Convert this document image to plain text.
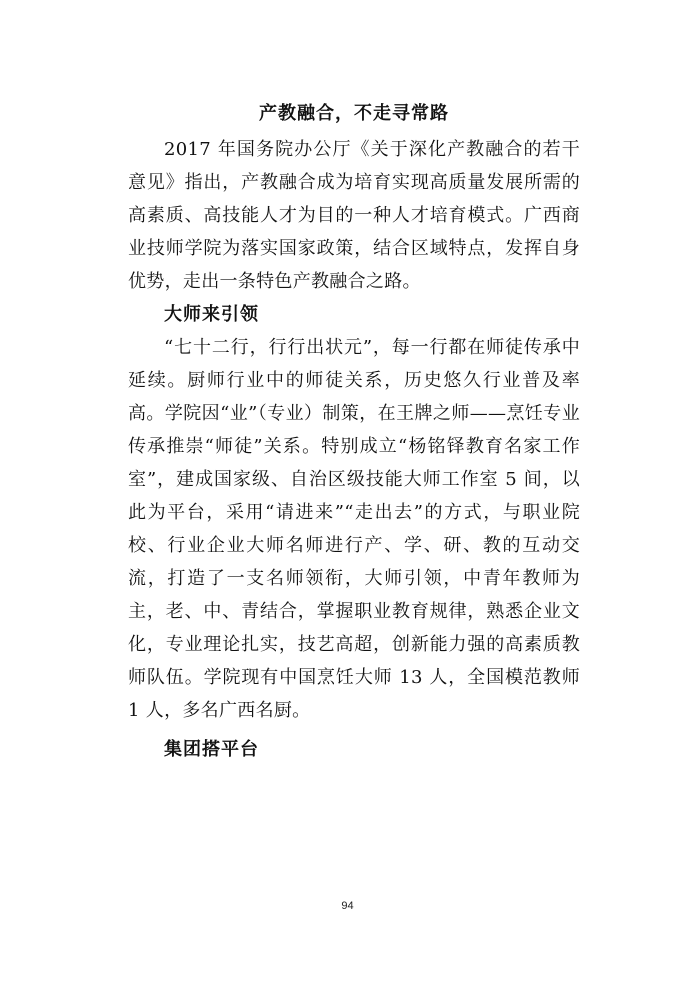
产教融合，不走寻常路

2017 年国务院办公厅《关于深化产教融合的若干意见》指出，产教融合成为培育实现高质量发展所需的高素质、高技能人才为目的一种人才培育模式。广西商业技师学院为落实国家政策，结合区域特点，发挥自身优势，走出一条特色产教融合之路。

大师来引领

“七十二行，行行出状元”，每一行都在师徒传承中延续。厨师行业中的师徒关系，历史悠久行业普及率高。学院因“业”（专业）制策，在王牌之师——烹饪专业传承推崇“师徒”关系。特别成立“杨铭铎教育名家工作室”，建成国家级、自治区级技能大师工作室 5 间，以此为平台，采用“请进来”“走出去”的方式，与职业院校、行业企业大师名师进行产、学、研、教的互动交流，打造了一支名师领衔，大师引领，中青年教师为主，老、中、青结合，掌握职业教育规律，熟悉企业文化，专业理论扎实，技艺高超，创新能力强的高素质教师队伍。学院现有中国烹饪大师 13 人，全国模范教师 1 人，多名广西名厨。

集团搭平台
94
